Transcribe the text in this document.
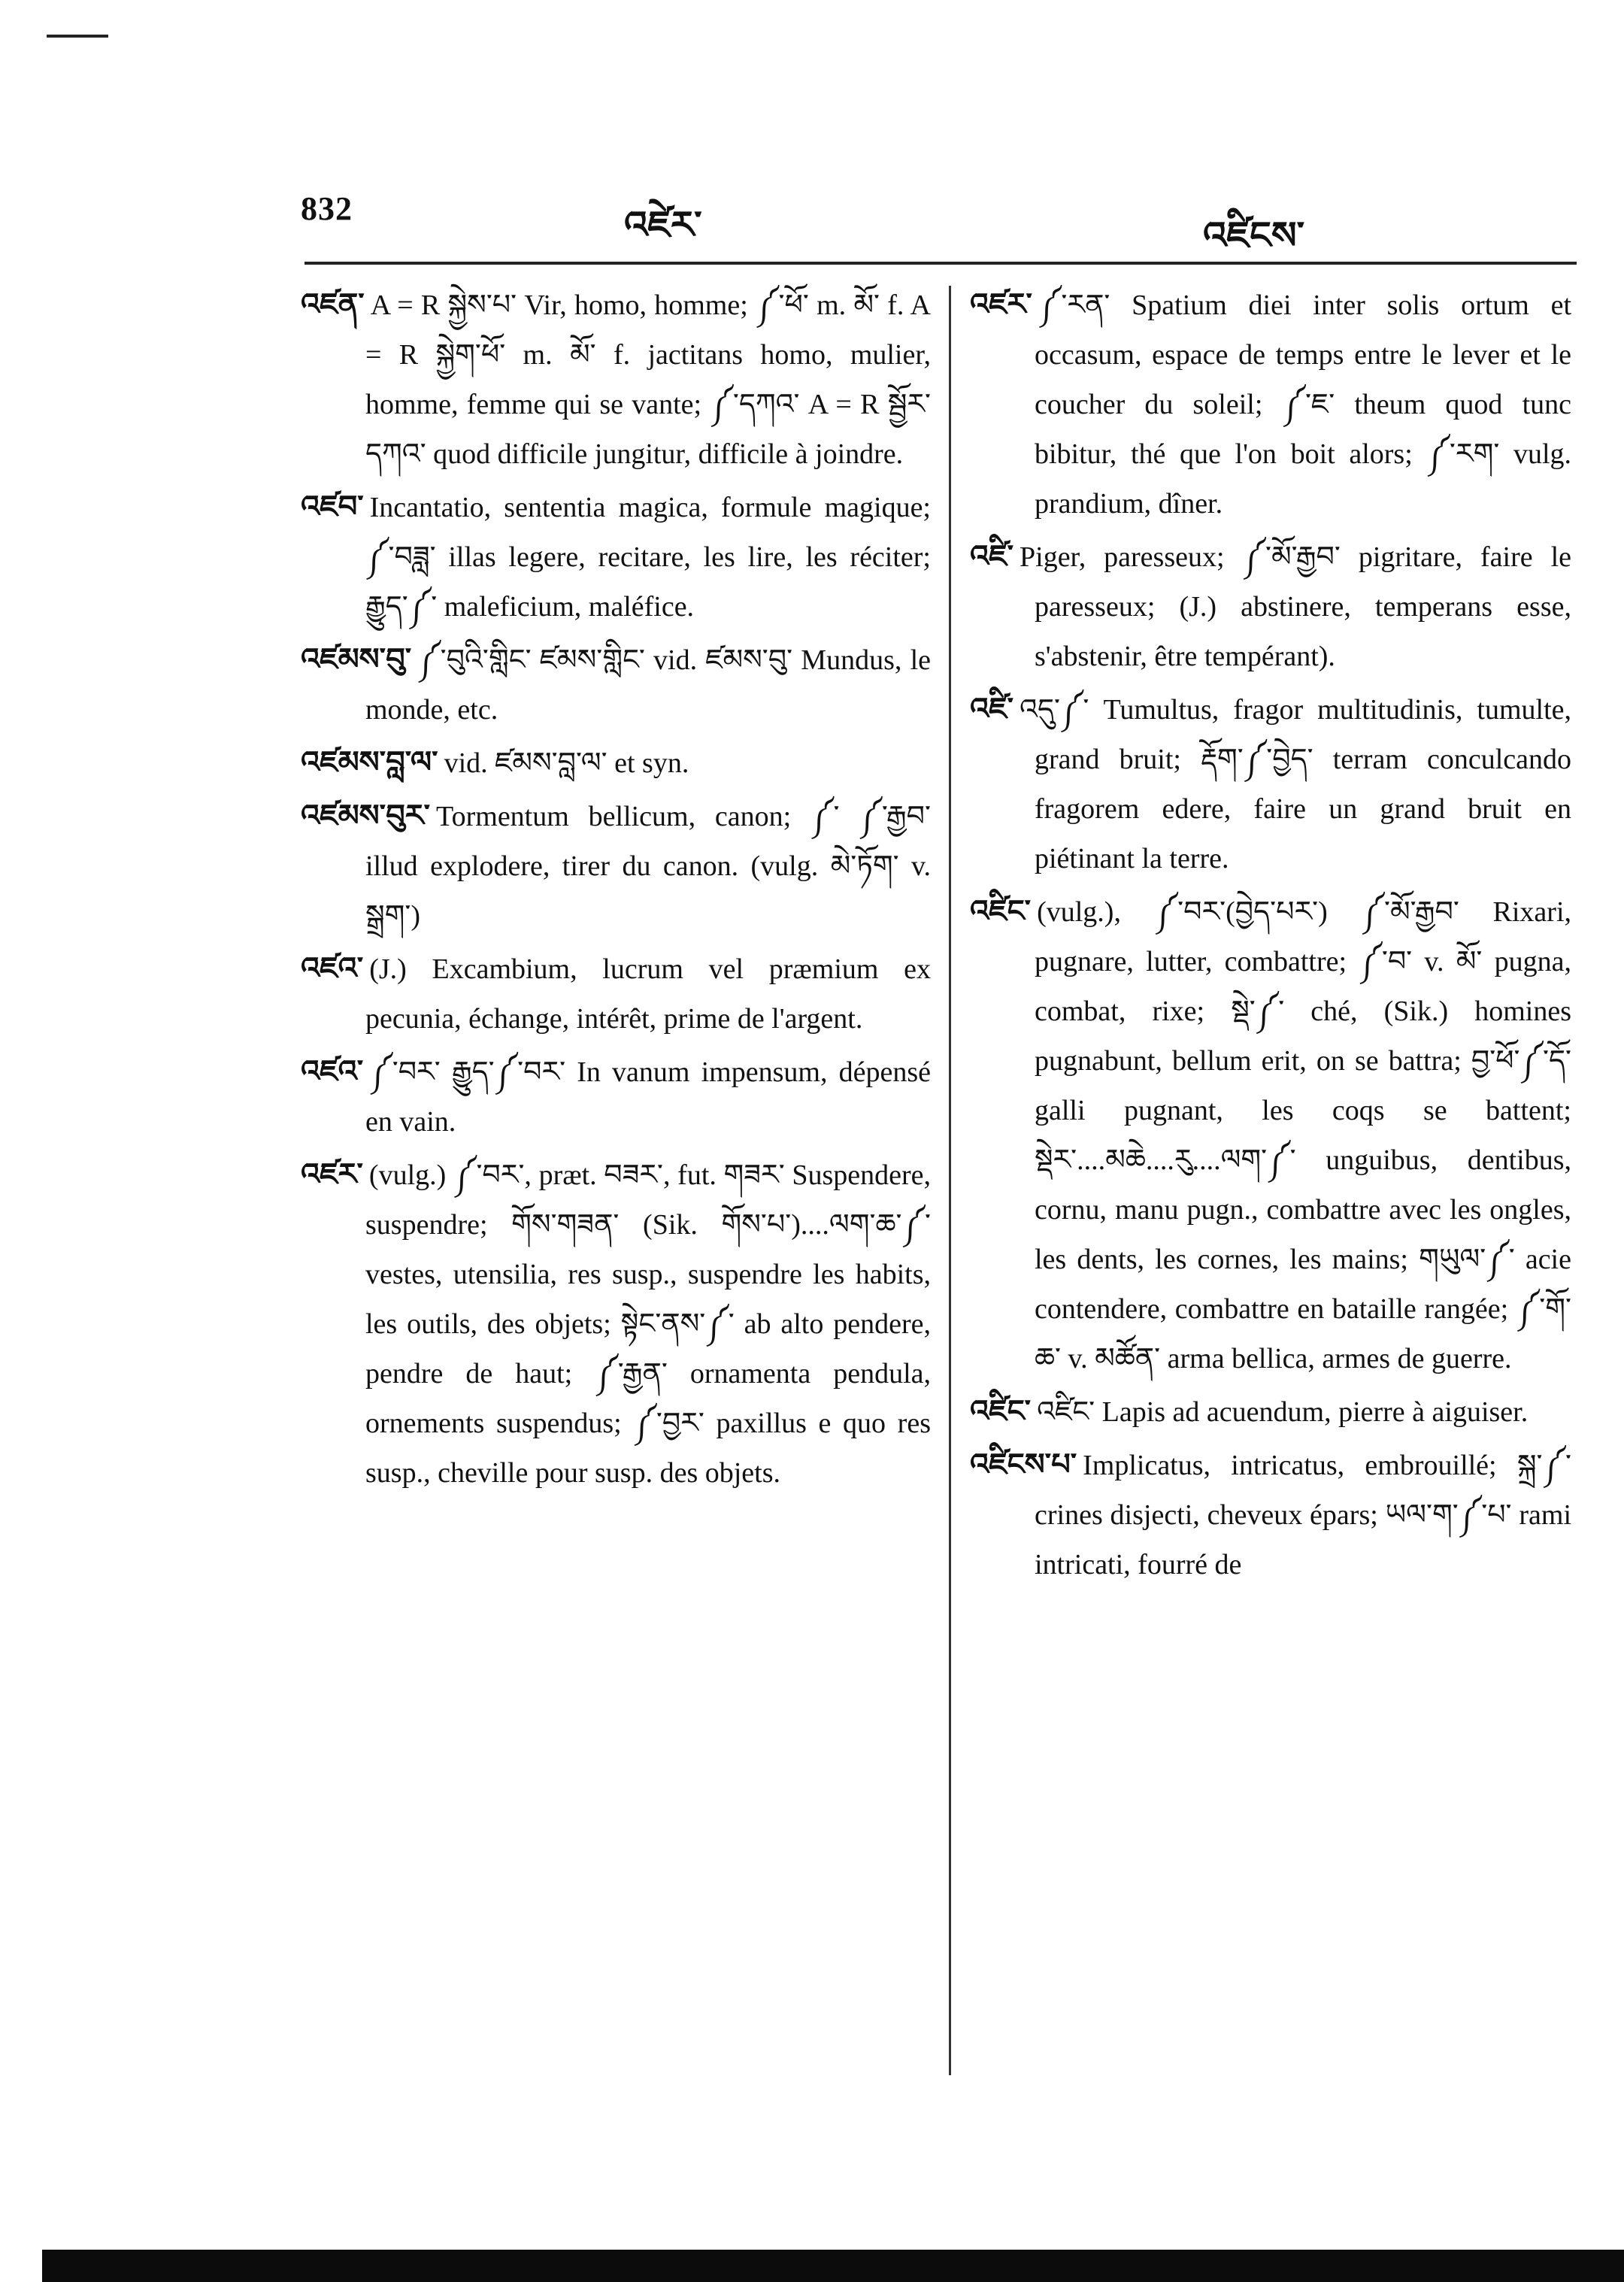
832	འཛེར་	འཛིངས་

འཛན་ A = R སྐྱེས་པ་ Vir, homo, homme; ༼་ཕོ་ m. མོ་ f. A = R སྐྱེག་ཕོ་ m. མོ་ f. jactitans homo, mulier, homme, femme qui se vante; ༼་དཀའ་ A = R སྦྱོར་ དཀའ་ quod difficile jungitur, difficile à joindre.

འཛབ་ Incantatio, sententia magica, formule magique; ༼་བཟླ་ illas legere, recitare, les lire, les réciter; རྒྱུད་༼་ maleficium, maléfice.

འཛམས་བུ་ ༼་བུའི་གླིང་ ཛམས་གླིང་ vid. ཛམས་བུ་ Mundus, le monde, etc.

འཛམས་བླ་ལ་ vid. ཛམས་བླ་ལ་ et syn.

འཛམས་བུར་ Tormentum bellicum, canon; ༼་ ༼་རྒྱབ་ illud explodere, tirer du canon. (vulg. མེ་ཏོག་ v. སྒྲག་)

འཛའ་ (J.) Excambium, lucrum vel præmium ex pecunia, échange, intérêt, prime de l'argent.

འཛའ་ ༼་བར་ རྒྱུད་༼་བར་ In vanum impensum, dépensé en vain.

འཛར་ (vulg.) ༼་བར་, præt. བཟར་, fut. གཟར་ Suspendere, suspendre; གོས་གཟན་ (Sik. གོས་པ་)....ལག་ཆ་༼་ vestes, utensilia, res susp., suspendre les habits, les outils, des objets; སྟེང་ནས་༼་ ab alto pendere, pendre de haut; ༼་རྒྱན་ ornamenta pendula, ornements suspendus; ༼་བྱར་ paxillus e quo res susp., cheville pour susp. des objets.

འཛར་ ༼་རན་ Spatium diei inter solis ortum et occasum, espace de temps entre le lever et le coucher du soleil; ༼་ཇ་ theum quod tunc bibitur, thé que l'on boit alors; ༼་རག་ vulg. prandium, dîner.

འཛི་ Piger, paresseux; ༼་མོ་རྒྱབ་ pigritare, faire le paresseux; (J.) abstinere, temperans esse, s'abstenir, être tempérant).

འཛི་ འདུ་༼་ Tumultus, fragor multitudinis, tumulte, grand bruit; རྡོག་༼་བྱེད་ terram conculcando fragorem edere, faire un grand bruit en piétinant la terre.

འཛིང་ (vulg.), ༼་བར་(བྱེད་པར་) ༼་མོ་རྒྱབ་ Rixari, pugnare, lutter, combattre; ༼་བ་ v. མོ་ pugna, combat, rixe; སྡེ་༼་ ché, (Sik.) homines pugnabunt, bellum erit, on se battra; བྱ་ཕོ་༼་དོ་ galli pugnant, les coqs se battent; སྡེར་....མཆེ....རུ....ལག་༼་ unguibus, dentibus, cornu, manu pugn., combattre avec les ongles, les dents, les cornes, les mains; གཡུལ་༼་ acie contendere, combattre en bataille rangée; ༼་གོ་ཆ་ v. མཚོན་ arma bellica, armes de guerre.

འཛིང་ འཛིང་ Lapis ad acuendum, pierre à aiguiser.

འཛིངས་པ་ Implicatus, intricatus, embrouillé; སྐྲ་༼་ crines disjecti, cheveux épars; ཡལ་ག་༼་པ་ rami intricati, fourré de
